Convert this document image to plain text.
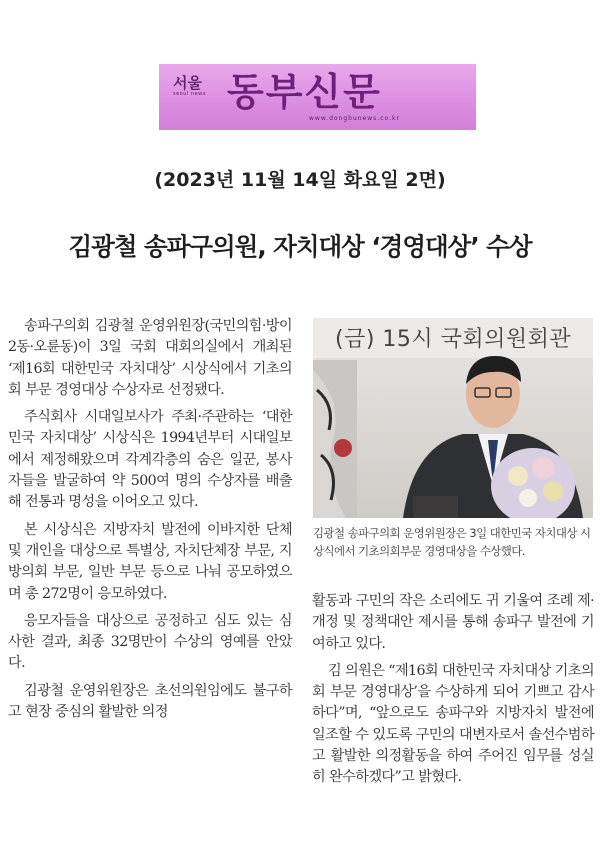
서울
seoul news 동부신문
www.dongbunews.co.kr
(2023년 11월 14일 화요일 2면)
김광철 송파구의원, 자치대상 ‘경영대상’ 수상

송파구의회 김광철 운영위원장(국민의힘·방이2동·오륜동)이 3일 국회 대회의실에서 개최된 ‘제16회 대한민국 자치대상’ 시상식에서 기초의회 부문 경영대상 수상자로 선정됐다.

주식회사 시대일보사가 주최·주관하는 ‘대한민국 자치대상’ 시상식은 1994년부터 시대일보에서 제정해왔으며 각계각층의 숨은 일꾼, 봉사자들을 발굴하여 약 500여 명의 수상자를 배출해 전통과 명성을 이어오고 있다.

본 시상식은 지방자치 발전에 이바지한 단체 및 개인을 대상으로 특별상, 자치단체장 부문, 지방의회 부문, 일반 부문 등으로 나눠 공모하였으며 총 272명이 응모하였다.

응모자들을 대상으로 공정하고 심도 있는 심사한 결과, 최종 32명만이 수상의 영예를 안았다.

김광철 운영위원장은 초선의원임에도 불구하고 현장 중심의 활발한 의정

(금) 15시 국회의원회관
김광철 송파구의회 운영위원장은 3일 대한민국 자치대상 시상식에서 기초의회부문 경영대상을 수상했다.

활동과 구민의 작은 소리에도 귀 기울여 조례 제·개정 및 정책대안 제시를 통해 송파구 발전에 기여하고 있다.

김 의원은 “제16회 대한민국 자치대상 기초의회 부문 경영대상’을 수상하게 되어 기쁘고 감사하다”며, “앞으로도 송파구와 지방자치 발전에 일조할 수 있도록 구민의 대변자로서 솔선수범하고 활발한 의정활동을 하여 주어진 임무를 성실히 완수하겠다”고 밝혔다.
